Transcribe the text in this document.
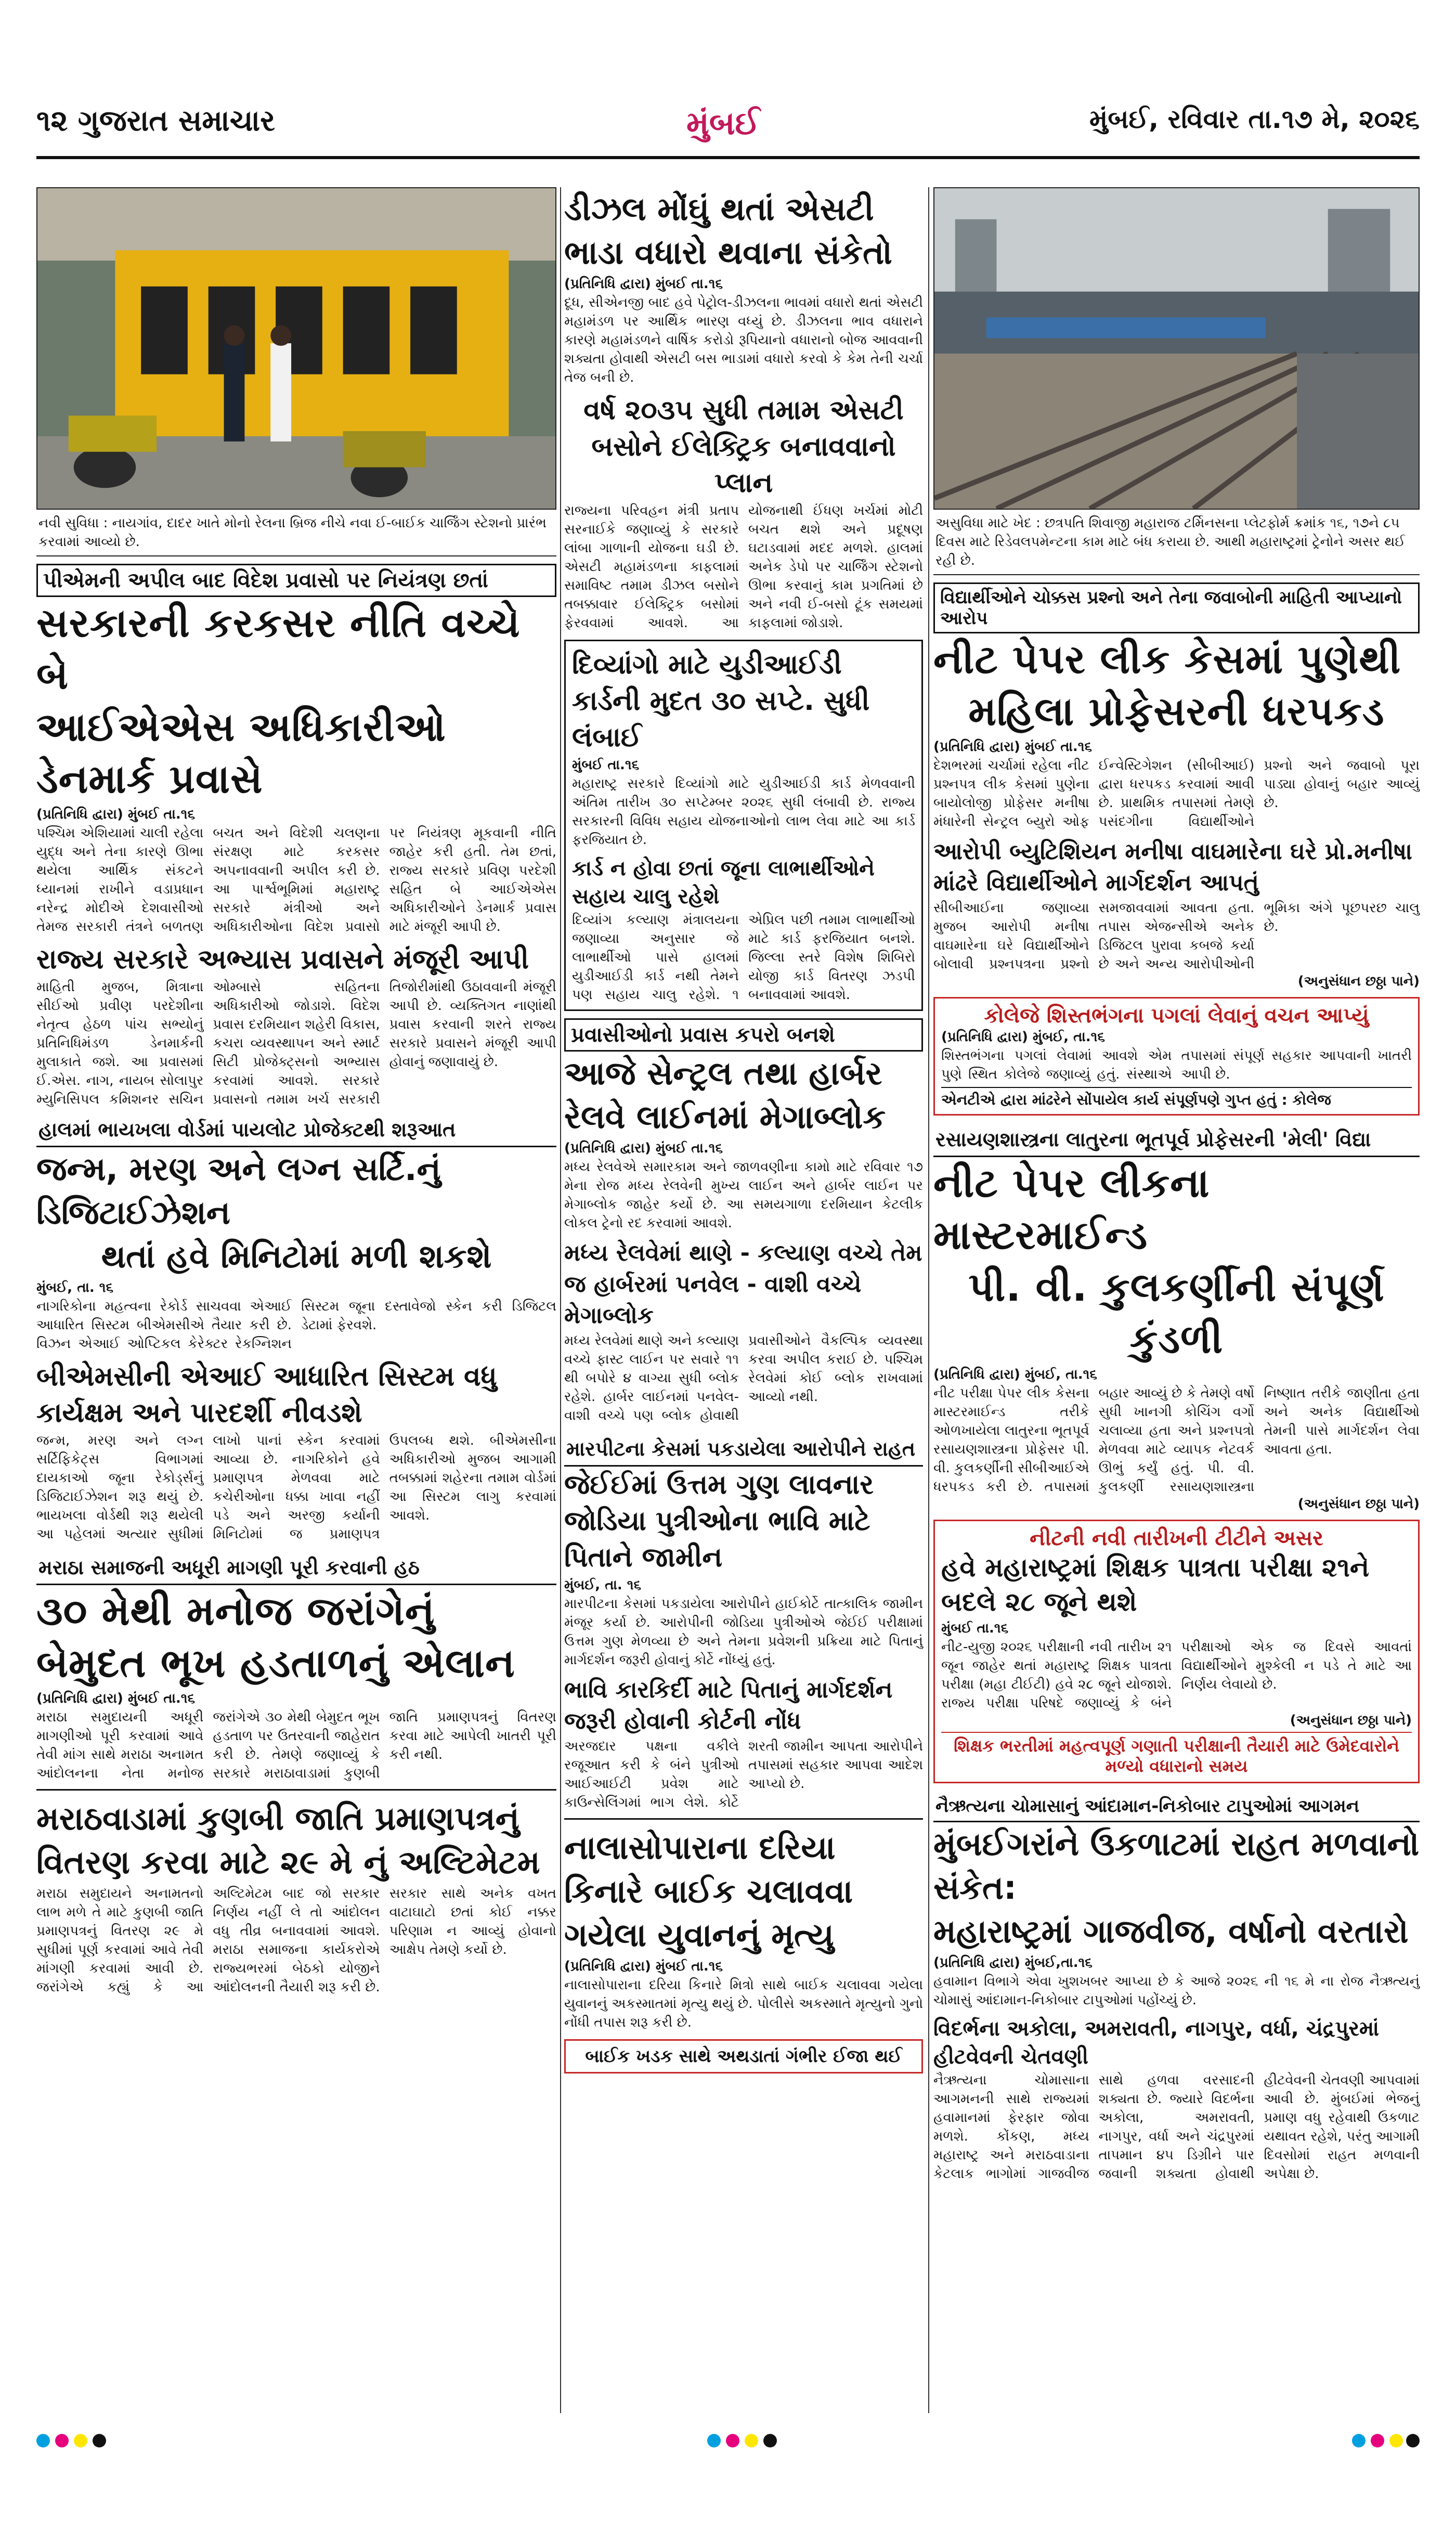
૧૨ ગુજરાત સમાચાર	મુંબઈ	મુંબઈ, રવિવાર તા.૧૭ મે, ૨૦૨૬
નવી સુવિધા : નાયગાંવ, દાદર ખાતે મોનો રેલના બ્રિજ નીચે નવા ઈ-બાઈક ચાર્જિંગ સ્ટેશનો પ્રારંભ કરવામાં આવ્યો છે.
પીએમની અપીલ બાદ વિદેશ પ્રવાસો પર નિયંત્રણ છતાં
સરકારની કરકસર નીતિ વચ્ચે બે
આઈએએસ અધિકારીઓ ડેનમાર્ક પ્રવાસે
(પ્રતિનિધિ દ્વારા) મુંબઈ તા.૧૬
પશ્ચિમ એશિયામાં ચાલી રહેલા યુદ્ધ અને તેના કારણે ઊભા થયેલા આર્થિક સંકટને ધ્યાનમાં રાખીને વડાપ્રધાન નરેન્દ્ર મોદીએ દેશવાસીઓ તેમજ સરકારી તંત્રને બળતણ બચત અને વિદેશી ચલણના સંરક્ષણ માટે કરકસર અપનાવવાની અપીલ કરી છે. આ પાર્શ્વભૂમિમાં મહારાષ્ટ્ર સરકારે મંત્રીઓ અને અધિકારીઓના વિદેશ પ્રવાસો પર નિયંત્રણ મૂકવાની નીતિ જાહેર કરી હતી. તેમ છતાં, રાજ્ય સરકારે પ્રવિણ પરદેશી સહિત બે આઈએએસ અધિકારીઓને ડેનમાર્ક પ્રવાસ માટે મંજૂરી આપી છે.
રાજ્ય સરકારે અભ્યાસ પ્રવાસને મંજૂરી આપી
માહિતી મુજબ, મિત્રાના સીઈઓ પ્રવીણ પરદેશીના નેતૃત્વ હેઠળ પાંચ સભ્યોનું પ્રતિનિધિમંડળ ડેનમાર્કની મુલાકાતે જશે. આ પ્રવાસમાં ઈ.એસ. નાગ, નાયબ સોલાપુર મ્યુનિસિપલ કમિશનર સચિન ઓમ્બાસે સહિતના અધિકારીઓ જોડાશે. વિદેશ પ્રવાસ દરમિયાન શહેરી વિકાસ, કચરા વ્યવસ્થાપન અને સ્માર્ટ સિટી પ્રોજેક્ટ્સનો અભ્યાસ કરવામાં આવશે. સરકારે પ્રવાસનો તમામ ખર્ચ સરકારી તિજોરીમાંથી ઉઠાવવાની મંજૂરી આપી છે. વ્યક્તિગત નાણાંથી પ્રવાસ કરવાની શરતે રાજ્ય સરકારે પ્રવાસને મંજૂરી આપી હોવાનું જણાવાયું છે.
હાલમાં ભાયખલા વોર્ડમાં પાયલોટ પ્રોજેક્ટથી શરૂઆત
જન્મ, મરણ અને લગ્ન સર્ટિ.નું ડિજિટાઈઝેશન
થતાં હવે મિનિટોમાં મળી શકશે
મુંબઈ, તા. ૧૬
નાગરિકોના મહત્વના રેકોર્ડ સાચવવા એઆઈ આધારિત સિસ્ટમ બીએમસીએ તૈયાર કરી છે. વિઝન એઆઈ ઓપ્ટિકલ કેરેક્ટર રેકગ્નિશન સિસ્ટમ જૂના દસ્તાવેજો સ્કેન કરી ડિજિટલ ડેટામાં ફેરવશે.
બીએમસીની એઆઈ આધારિત સિસ્ટમ વધુ કાર્યક્ષમ અને પારદર્શી નીવડશે
જન્મ, મરણ અને લગ્ન સર્ટિફિકેટ્સ વિભાગમાં દાયકાઓ જૂના રેકોર્ડ્સનું ડિજિટાઈઝેશન શરૂ થયું છે. ભાયખલા વોર્ડથી શરૂ થયેલી આ પહેલમાં અત્યાર સુધીમાં લાખો પાનાં સ્કેન કરવામાં આવ્યા છે. નાગરિકોને હવે પ્રમાણપત્ર મેળવવા માટે કચેરીઓના ધક્કા ખાવા નહીં પડે અને અરજી કર્યાની મિનિટોમાં જ પ્રમાણપત્ર ઉપલબ્ધ થશે. બીએમસીના અધિકારીઓ મુજબ આગામી તબક્કામાં શહેરના તમામ વોર્ડમાં આ સિસ્ટમ લાગુ કરવામાં આવશે.
મરાઠા સમાજની અધૂરી માગણી પૂરી કરવાની હઠ
૩૦ મેથી મનોજ જરાંગેનું
બેમુદત ભૂખ હડતાળનું એલાન
(પ્રતિનિધિ દ્વારા) મુંબઈ તા.૧૬
મરાઠા સમુદાયની અધૂરી માગણીઓ પૂરી કરવામાં આવે તેવી માંગ સાથે મરાઠા અનામત આંદોલનના નેતા મનોજ જરાંગેએ ૩૦ મેથી બેમુદત ભૂખ હડતાળ પર ઉતરવાની જાહેરાત કરી છે. તેમણે જણાવ્યું કે સરકારે મરાઠાવાડામાં કુણબી જાતિ પ્રમાણપત્રનું વિતરણ કરવા માટે આપેલી ખાતરી પૂરી કરી નથી.
મરાઠવાડામાં કુણબી જાતિ પ્રમાણપત્રનું
વિતરણ કરવા માટે ૨૯ મે નું અલ્ટિમેટમ
મરાઠા સમુદાયને અનામતનો લાભ મળે તે માટે કુણબી જાતિ પ્રમાણપત્રનું વિતરણ ૨૯ મે સુધીમાં પૂર્ણ કરવામાં આવે તેવી માંગણી કરવામાં આવી છે. જરાંગેએ કહ્યું કે આ અલ્ટિમેટમ બાદ જો સરકાર નિર્ણય નહીં લે તો આંદોલન વધુ તીવ્ર બનાવવામાં આવશે. મરાઠા સમાજના કાર્યકરોએ રાજ્યભરમાં બેઠકો યોજીને આંદોલનની તૈયારી શરૂ કરી છે. સરકાર સાથે અનેક વખત વાટાઘાટો છતાં કોઈ નક્કર પરિણામ ન આવ્યું હોવાનો આક્ષેપ તેમણે કર્યો છે.
ડીઝલ મોંઘું થતાં એસટી ભાડા વધારો થવાના સંકેતો
(પ્રતિનિધિ દ્વારા) મુંબઈ તા.૧૬
દૂધ, સીએનજી બાદ હવે પેટ્રોલ-ડીઝલના ભાવમાં વધારો થતાં એસટી મહામંડળ પર આર્થિક ભારણ વધ્યું છે. ડીઝલના ભાવ વધારાને કારણે મહામંડળને વાર્ષિક કરોડો રૂપિયાનો વધારાનો બોજ આવવાની શક્યતા હોવાથી એસટી બસ ભાડામાં વધારો કરવો કે કેમ તેની ચર્ચા તેજ બની છે.
વર્ષ ૨૦૩૫ સુધી તમામ એસટી બસોને ઈલેક્ટ્રિક બનાવવાનો પ્લાન
રાજ્યના પરિવહન મંત્રી પ્રતાપ સરનાઈકે જણાવ્યું કે સરકારે લાંબા ગાળાની યોજના ઘડી છે. એસટી મહામંડળના કાફલામાં સમાવિષ્ટ તમામ ડીઝલ બસોને તબક્કાવાર ઈલેક્ટ્રિક બસોમાં ફેરવવામાં આવશે. આ યોજનાથી ઈંધણ ખર્ચમાં મોટી બચત થશે અને પ્રદૂષણ ઘટાડવામાં મદદ મળશે. હાલમાં અનેક ડેપો પર ચાર્જિંગ સ્ટેશનો ઊભા કરવાનું કામ પ્રગતિમાં છે અને નવી ઈ-બસો ટૂંક સમયમાં કાફલામાં જોડાશે.
દિવ્યાંગો માટે યુડીઆઈડી કાર્ડની મુદત ૩૦ સપ્ટે. સુધી લંબાઈ
મુંબઈ તા.૧૬
મહારાષ્ટ્ર સરકારે દિવ્યાંગો માટે યુડીઆઈડી કાર્ડ મેળવવાની અંતિમ તારીખ ૩૦ સપ્ટેમ્બર ૨૦૨૬ સુધી લંબાવી છે. રાજ્ય સરકારની વિવિધ સહાય યોજનાઓનો લાભ લેવા માટે આ કાર્ડ ફરજિયાત છે.
કાર્ડ ન હોવા છતાં જૂના લાભાર્થીઓને સહાય ચાલુ રહેશે
દિવ્યાંગ કલ્યાણ મંત્રાલયના જણાવ્યા અનુસાર જે લાભાર્થીઓ પાસે હાલમાં યુડીઆઈડી કાર્ડ નથી તેમને પણ સહાય ચાલુ રહેશે. ૧ એપ્રિલ પછી તમામ લાભાર્થીઓ માટે કાર્ડ ફરજિયાત બનશે. જિલ્લા સ્તરે વિશેષ શિબિરો યોજી કાર્ડ વિતરણ ઝડપી બનાવવામાં આવશે.
પ્રવાસીઓનો પ્રવાસ કપરો બનશે
આજે સેન્ટ્રલ તથા હાર્બર રેલવે લાઈનમાં મેગાબ્લોક
(પ્રતિનિધિ દ્વારા) મુંબઈ તા.૧૬
મધ્ય રેલવેએ સમારકામ અને જાળવણીના કામો માટે રવિવાર ૧૭ મેના રોજ મધ્ય રેલવેની મુખ્ય લાઈન અને હાર્બર લાઈન પર મેગાબ્લોક જાહેર કર્યો છે. આ સમયગાળા દરમિયાન કેટલીક લોકલ ટ્રેનો રદ કરવામાં આવશે.
મધ્ય રેલવેમાં થાણે - કલ્યાણ વચ્ચે તેમ જ હાર્બરમાં પનવેલ - વાશી વચ્ચે મેગાબ્લોક
મધ્ય રેલવેમાં થાણે અને કલ્યાણ વચ્ચે ફાસ્ટ લાઈન પર સવારે ૧૧ થી બપોરે ૪ વાગ્યા સુધી બ્લોક રહેશે. હાર્બર લાઈનમાં પનવેલ-વાશી વચ્ચે પણ બ્લોક હોવાથી પ્રવાસીઓને વૈકલ્પિક વ્યવસ્થા કરવા અપીલ કરાઈ છે. પશ્ચિમ રેલવેમાં કોઈ બ્લોક રાખવામાં આવ્યો નથી.
મારપીટના કેસમાં પકડાયેલા આરોપીને રાહત
જેઈઈમાં ઉત્તમ ગુણ લાવનાર જોડિયા પુત્રીઓના ભાવિ માટે પિતાને જામીન
મુંબઈ, તા. ૧૬
મારપીટના કેસમાં પકડાયેલા આરોપીને હાઈકોર્ટે તાત્કાલિક જામીન મંજૂર કર્યા છે. આરોપીની જોડિયા પુત્રીઓએ જેઈઈ પરીક્ષામાં ઉત્તમ ગુણ મેળવ્યા છે અને તેમના પ્રવેશની પ્રક્રિયા માટે પિતાનું માર્ગદર્શન જરૂરી હોવાનું કોર્ટે નોંધ્યું હતું.
ભાવિ કારકિર્દી માટે પિતાનું માર્ગદર્શન જરૂરી હોવાની કોર્ટની નોંધ
અરજદાર પક્ષના વકીલે રજૂઆત કરી કે બંને પુત્રીઓ આઈઆઈટી પ્રવેશ માટે કાઉન્સેલિંગમાં ભાગ લેશે. કોર્ટે શરતી જામીન આપતા આરોપીને તપાસમાં સહકાર આપવા આદેશ આપ્યો છે.
નાલાસોપારાના દરિયા કિનારે બાઈક ચલાવવા ગયેલા યુવાનનું મૃત્યુ
(પ્રતિનિધિ દ્વારા) મુંબઈ તા.૧૬
નાલાસોપારાના દરિયા કિનારે મિત્રો સાથે બાઈક ચલાવવા ગયેલા યુવાનનું અકસ્માતમાં મૃત્યુ થયું છે. પોલીસે અકસ્માતે મૃત્યુનો ગુનો નોંધી તપાસ શરૂ કરી છે.
બાઈક ખડક સાથે અથડાતાં ગંભીર ઈજા થઈ
અસુવિધા માટે ખેદ : છત્રપતિ શિવાજી મહારાજ ટર્મિનસના પ્લેટફોર્મ ક્રમાંક ૧૬, ૧૭ને ૮૫ દિવસ માટે રિડેવલપમેન્ટના કામ માટે બંધ કરાયા છે. આથી મહારાષ્ટ્રમાં ટ્રેનોને અસર થઈ રહી છે.
વિદ્યાર્થીઓને ચોક્કસ પ્રશ્નો અને તેના જવાબોની માહિતી આપ્યાનો આરોપ
નીટ પેપર લીક કેસમાં પુણેથી
મહિલા પ્રોફેસરની ધરપકડ
(પ્રતિનિધિ દ્વારા) મુંબઈ તા.૧૬
દેશભરમાં ચર્ચામાં રહેલા નીટ પ્રશ્નપત્ર લીક કેસમાં પુણેના બાયોલોજી પ્રોફેસર મનીષા મંધારેની સેન્ટ્રલ બ્યુરો ઓફ ઈન્વેસ્ટિગેશન (સીબીઆઈ) દ્વારા ધરપકડ કરવામાં આવી છે. પ્રાથમિક તપાસમાં તેમણે પસંદગીના વિદ્યાર્થીઓને પ્રશ્નો અને જવાબો પૂરા પાડ્યા હોવાનું બહાર આવ્યું છે.
આરોપી બ્યુટિશિયન મનીષા વાઘમારેના ઘરે પ્રો.મનીષા માંઢરે વિદ્યાર્થીઓને માર્ગદર્શન આપતું
સીબીઆઈના જણાવ્યા મુજબ આરોપી મનીષા વાઘમારેના ઘરે વિદ્યાર્થીઓને બોલાવી પ્રશ્નપત્રના પ્રશ્નો સમજાવવામાં આવતા હતા. તપાસ એજન્સીએ અનેક ડિજિટલ પુરાવા કબજે કર્યા છે અને અન્ય આરોપીઓની ભૂમિકા અંગે પૂછપરછ ચાલુ છે.
(અનુસંધાન છઠ્ઠા પાને)
કોલેજે શિસ્તભંગના પગલાં લેવાનું વચન આપ્યું
(પ્રતિનિધિ દ્વારા) મુંબઈ, તા.૧૬
શિસ્તભંગના પગલાં લેવામાં આવશે એમ પુણે સ્થિત કોલેજે જણાવ્યું હતું. સંસ્થાએ તપાસમાં સંપૂર્ણ સહકાર આપવાની ખાતરી આપી છે.
એનટીએ દ્વારા માંઢરેને સોંપાયેલ કાર્ય સંપૂર્ણપણે ગુપ્ત હતું : કોલેજ
રસાયણશાસ્ત્રના લાતુરના ભૂતપૂર્વ પ્રોફેસરની 'મેલી' વિદ્યા
નીટ પેપર લીકના માસ્ટરમાઈન્ડ
પી. વી. કુલકર્ણીની સંપૂર્ણ કુંડળી
(પ્રતિનિધિ દ્વારા) મુંબઈ, તા.૧૬
નીટ પરીક્ષા પેપર લીક કેસના માસ્ટરમાઈન્ડ તરીકે ઓળખાયેલા લાતુરના ભૂતપૂર્વ રસાયણશાસ્ત્રના પ્રોફેસર પી. વી. કુલકર્ણીની સીબીઆઈએ ધરપકડ કરી છે. તપાસમાં બહાર આવ્યું છે કે તેમણે વર્ષો સુધી ખાનગી કોચિંગ વર્ગો ચલાવ્યા હતા અને પ્રશ્નપત્રો મેળવવા માટે વ્યાપક નેટવર્ક ઊભું કર્યું હતું. પી. વી. કુલકર્ણી રસાયણશાસ્ત્રના નિષ્ણાત તરીકે જાણીતા હતા અને અનેક વિદ્યાર્થીઓ તેમની પાસે માર્ગદર્શન લેવા આવતા હતા.
(અનુસંધાન છઠ્ઠા પાને)
નીટની નવી તારીખની ટીટીને અસર
હવે મહારાષ્ટ્રમાં શિક્ષક પાત્રતા પરીક્ષા ૨૧ને બદલે ૨૮ જૂને થશે
મુંબઈ તા.૧૬
નીટ-યુજી ૨૦૨૬ પરીક્ષાની નવી તારીખ ૨૧ જૂન જાહેર થતાં મહારાષ્ટ્ર શિક્ષક પાત્રતા પરીક્ષા (મહા ટીઈટી) હવે ૨૮ જૂને યોજાશે. રાજ્ય પરીક્ષા પરિષદે જણાવ્યું કે બંને પરીક્ષાઓ એક જ દિવસે આવતાં વિદ્યાર્થીઓને મુશ્કેલી ન પડે તે માટે આ નિર્ણય લેવાયો છે.
(અનુસંધાન છઠ્ઠા પાને)
શિક્ષક ભરતીમાં મહત્વપૂર્ણ ગણાતી પરીક્ષાની તૈયારી માટે ઉમેદવારોને મળ્યો વધારાનો સમય
નૈઋત્યના ચોમાસાનું આંદામાન-નિકોબાર ટાપુઓમાં આગમન
મુંબઈગરાંને ઉકળાટમાં રાહત મળવાનો સંકેત:
મહારાષ્ટ્રમાં ગાજવીજ, વર્ષાનો વરતારો
(પ્રતિનિધિ દ્વારા) મુંબઈ,તા.૧૬
હવામાન વિભાગે એવા ખુશખબર આપ્યા છે કે આજે ૨૦૨૬ ની ૧૬ મે ના રોજ નૈઋત્યનું ચોમાસું આંદામાન-નિકોબાર ટાપુઓમાં પહોંચ્યું છે.
વિદર્ભના અકોલા, અમરાવતી, નાગપુર, વર્ધા, ચંદ્રપુરમાં હીટવેવની ચેતવણી
નૈઋત્યના ચોમાસાના આગમનની સાથે રાજ્યમાં હવામાનમાં ફેરફાર જોવા મળશે. કોંકણ, મધ્ય મહારાષ્ટ્ર અને મરાઠવાડાના કેટલાક ભાગોમાં ગાજવીજ સાથે હળવા વરસાદની શક્યતા છે. જ્યારે વિદર્ભના અકોલા, અમરાવતી, નાગપુર, વર્ધા અને ચંદ્રપુરમાં તાપમાન ૪૫ ડિગ્રીને પાર જવાની શક્યતા હોવાથી હીટવેવની ચેતવણી આપવામાં આવી છે. મુંબઈમાં ભેજનું પ્રમાણ વધુ રહેવાથી ઉકળાટ યથાવત રહેશે, પરંતુ આગામી દિવસોમાં રાહત મળવાની અપેક્ષા છે.
